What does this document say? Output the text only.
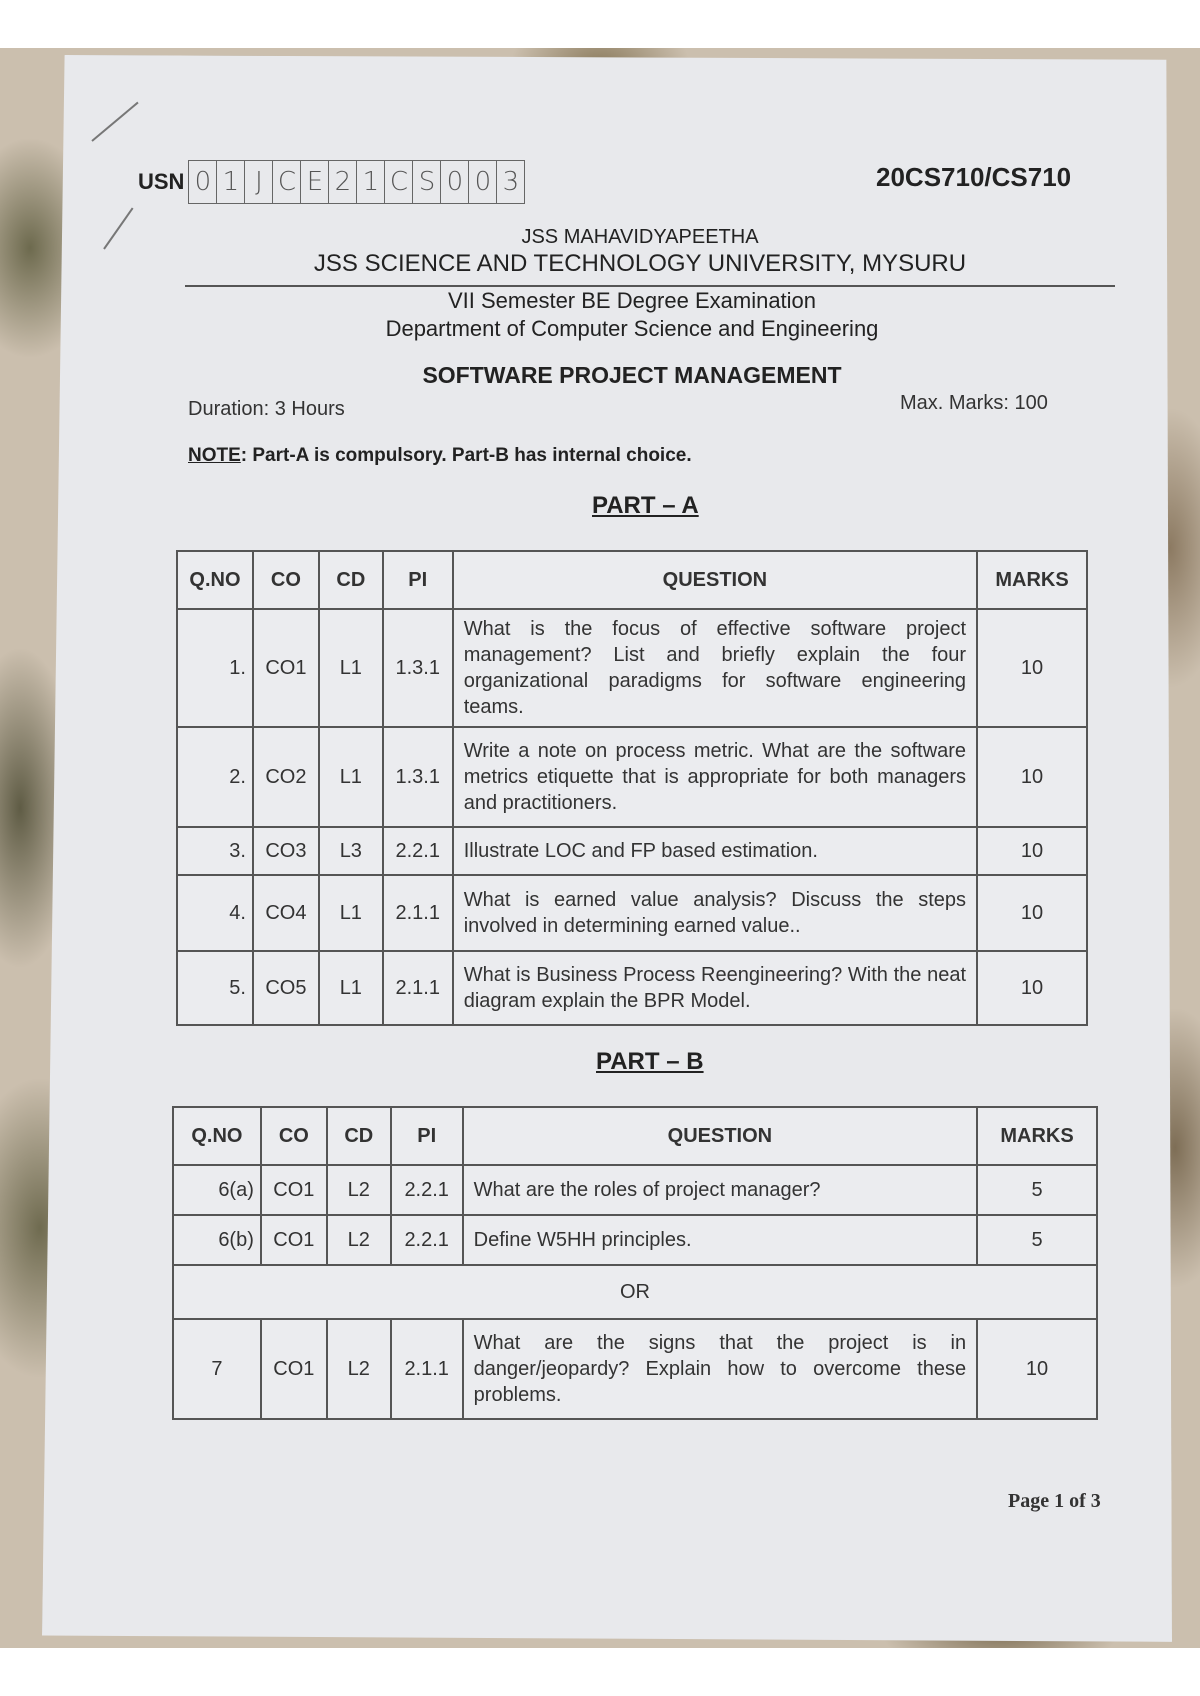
USN 0 1 J C E 2 1 C S 0 0 3	20CS710/CS710
JSS MAHAVIDYAPEETHA
JSS SCIENCE AND TECHNOLOGY UNIVERSITY, MYSURU
VII Semester BE Degree Examination
Department of Computer Science and Engineering
SOFTWARE PROJECT MANAGEMENT
Duration: 3 Hours	Max. Marks: 100
NOTE: Part-A is compulsory. Part-B has internal choice.
PART – A
Q.NO	CO	CD	PI	QUESTION	MARKS
1.	CO1	L1	1.3.1	What is the focus of effective software project management? List and briefly explain the four organizational paradigms for software engineering teams.	10
2.	CO2	L1	1.3.1	Write a note on process metric. What are the software metrics etiquette that is appropriate for both managers and practitioners.	10
3.	CO3	L3	2.2.1	Illustrate LOC and FP based estimation.	10
4.	CO4	L1	2.1.1	What is earned value analysis? Discuss the steps involved in determining earned value..	10
5.	CO5	L1	2.1.1	What is Business Process Reengineering? With the neat diagram explain the BPR Model.	10
PART – B
Q.NO	CO	CD	PI	QUESTION	MARKS
6(a)	CO1	L2	2.2.1	What are the roles of project manager?	5
6(b)	CO1	L2	2.2.1	Define W5HH principles.	5
OR					
7	CO1	L2	2.1.1	What are the signs that the project is in danger/jeopardy? Explain how to overcome these problems.	10
Page 1 of 3
